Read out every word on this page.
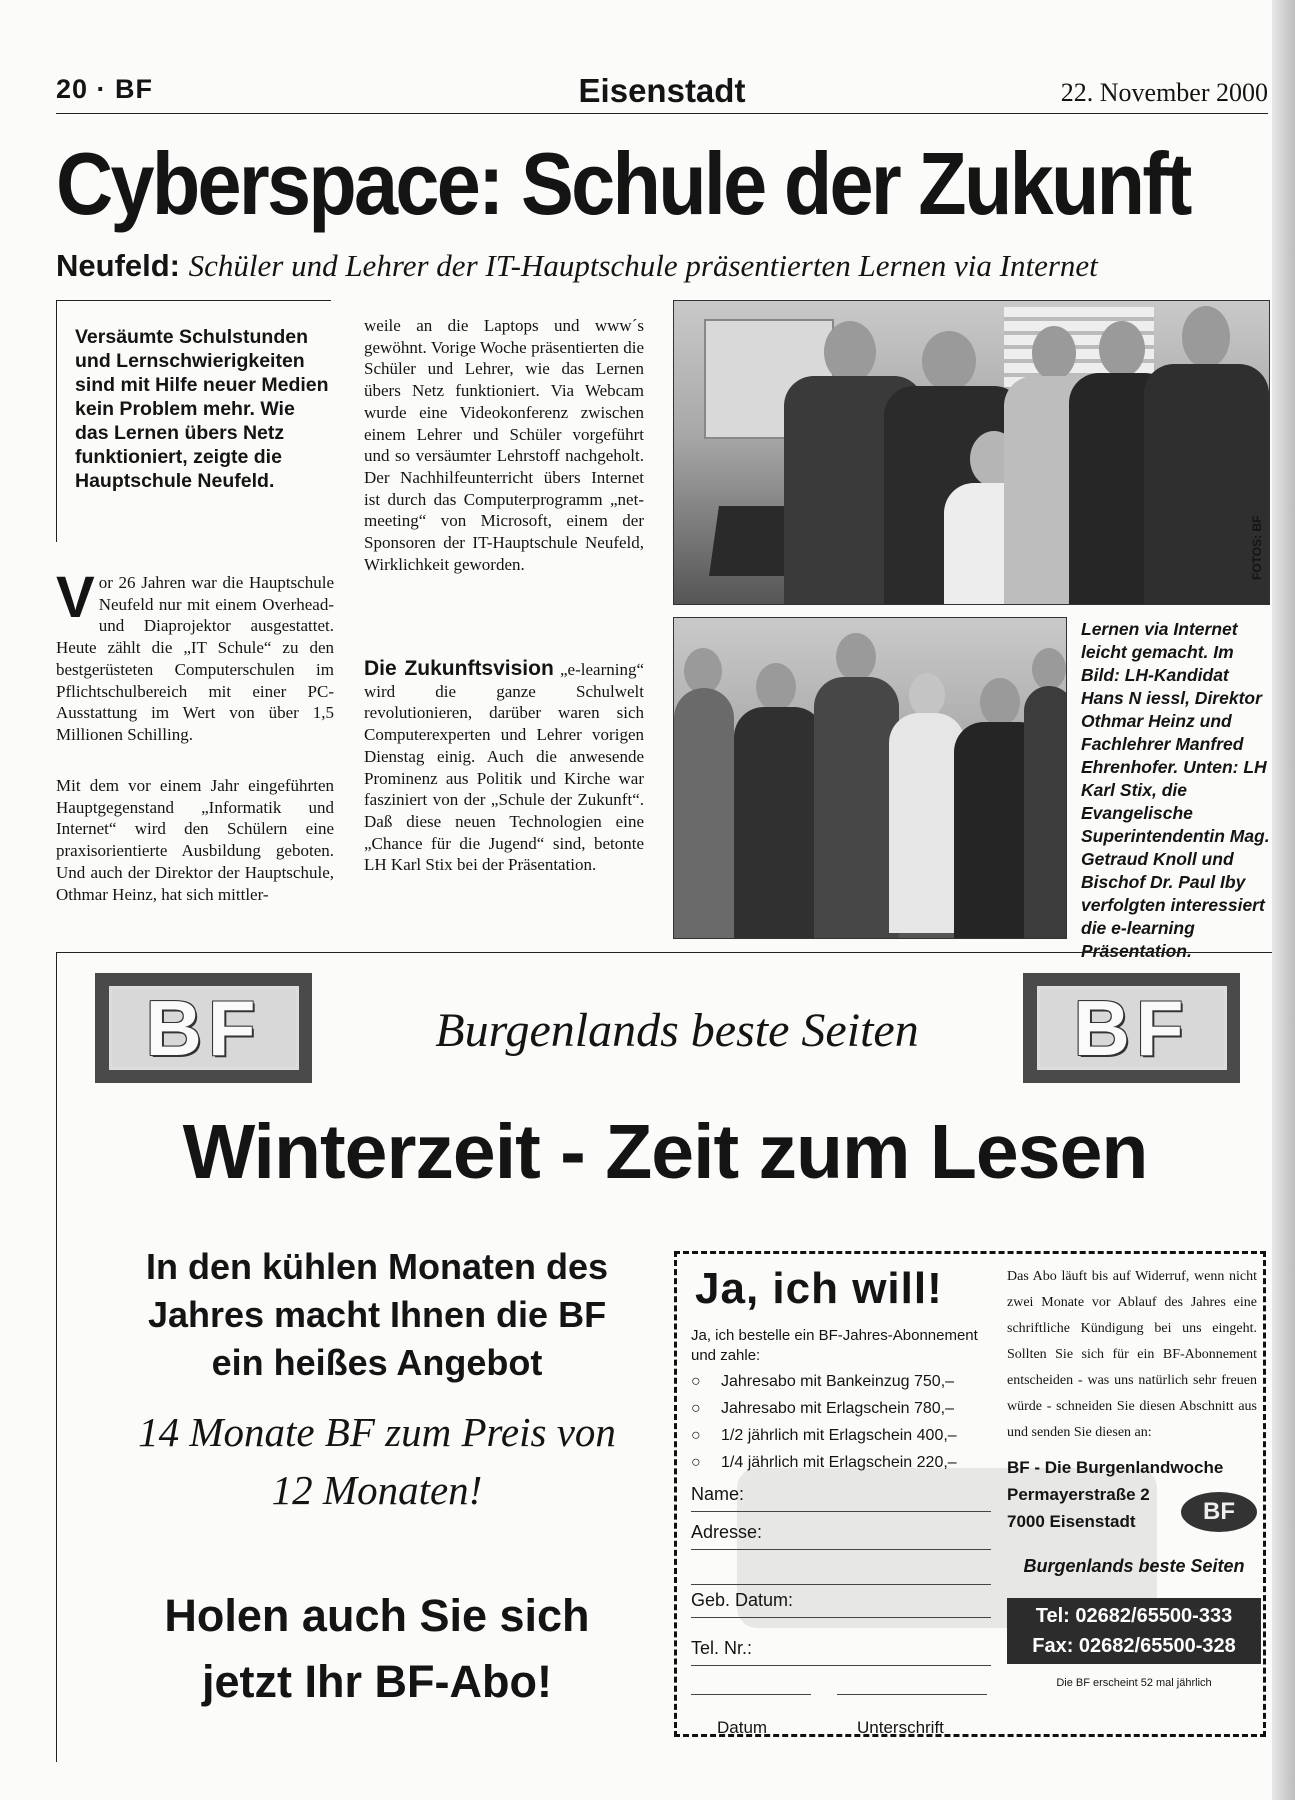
20 · BF	Eisenstadt	22. November 2000
Cyberspace: Schule der Zukunft
Neufeld: Schüler und Lehrer der IT-Hauptschule präsentierten Lernen via Internet
Versäumte Schulstunden und Lernschwierigkeiten sind mit Hilfe neuer Medien kein Problem mehr. Wie das Lernen übers Netz funktioniert, zeigte die Hauptschule Neufeld.
Vor 26 Jahren war die Hauptschule Neufeld nur mit einem Overhead- und Diaprojektor ausgestattet. Heute zählt die „IT Schule“ zu den bestgerüsteten Computerschulen im Pflichtschulbereich mit einer PC-Ausstattung im Wert von über 1,5 Millionen Schilling.
Mit dem vor einem Jahr eingeführten Hauptgegenstand „Informatik und Internet“ wird den Schülern eine praxisorientierte Ausbildung geboten. Und auch der Direktor der Hauptschule, Othmar Heinz, hat sich mittler-
weile an die Laptops und www´s gewöhnt. Vorige Woche präsentierten die Schüler und Lehrer, wie das Lernen übers Netz funktioniert. Via Webcam wurde eine Videokonferenz zwischen einem Lehrer und Schüler vorgeführt und so versäumter Lehrstoff nachgeholt. Der Nachhilfeunterricht übers Internet ist durch das Computerprogramm „net-meeting“ von Microsoft, einem der Sponsoren der IT-Hauptschule Neufeld, Wirklichkeit geworden.
Die Zukunftsvision „e-learning“ wird die ganze Schulwelt revolutionieren, darüber waren sich Computerexperten und Lehrer vorigen Dienstag einig. Auch die anwesende Prominenz aus Politik und Kirche war fasziniert von der „Schule der Zukunft“. Daß diese neuen Technologien eine „Chance für die Jugend“ sind, betonte LH Karl Stix bei der Präsentation.
FOTOS: BF
Lernen via Internet leicht gemacht. Im Bild: LH-Kandidat Hans N iessl, Direktor Othmar Heinz und Fachlehrer Manfred Ehrenhofer. Unten: LH Karl Stix, die Evangelische Superintendentin Mag. Getraud Knoll und Bischof Dr. Paul Iby verfolgten interessiert die e-learning Präsentation.
BF	Burgenlands beste Seiten	BF
Winterzeit - Zeit zum Lesen
In den kühlen Monaten des Jahres macht Ihnen die BF ein heißes Angebot
14 Monate BF zum Preis von 12 Monaten!
Holen auch Sie sich jetzt Ihr BF-Abo!
Ja, ich will!
Ja, ich bestelle ein BF-Jahres-Abonnement und zahle:
○ Jahresabo mit Bankeinzug 750,–
○ Jahresabo mit Erlagschein 780,–
○ 1/2 jährlich mit Erlagschein 400,–
○ 1/4 jährlich mit Erlagschein 220,–
Name:
Adresse:
Geb. Datum:
Tel. Nr.:
Datum	Unterschrift
Das Abo läuft bis auf Widerruf, wenn nicht zwei Monate vor Ablauf des Jahres eine schriftliche Kündigung bei uns eingeht. Sollten Sie sich für ein BF-Abonnement entscheiden - was uns natürlich sehr freuen würde - schneiden Sie diesen Abschnitt aus und senden Sie diesen an:
BF - Die Burgenlandwoche
Permayerstraße 2
7000 Eisenstadt	BF
Burgenlands beste Seiten
Tel: 02682/65500-333
Fax: 02682/65500-328
Die BF erscheint 52 mal jährlich
